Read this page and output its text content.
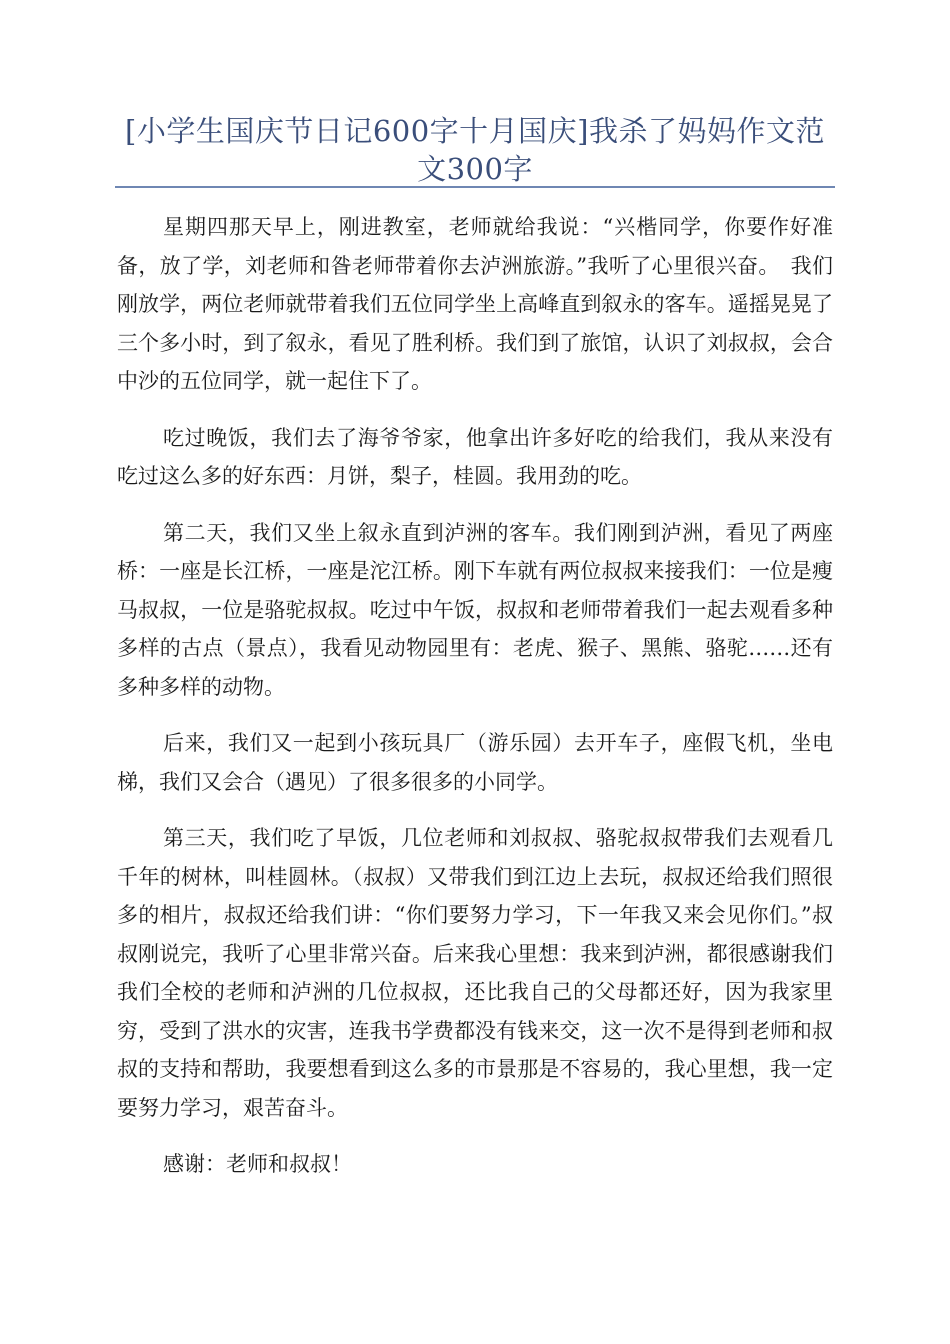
[小学生国庆节日记600字十月国庆]我杀了妈妈作文范文300字

星期四那天早上，刚进教室，老师就给我说：“兴楷同学，你要作好准备，放了学，刘老师和昝老师带着你去泸洲旅游。”我听了心里很兴奋。　我们刚放学，两位老师就带着我们五位同学坐上高峰直到叙永的客车。遥摇晃晃了三个多小时，到了叙永，看见了胜利桥。我们到了旅馆，认识了刘叔叔，会合中沙的五位同学，就一起住下了。

吃过晚饭，我们去了海爷爷家，他拿出许多好吃的给我们，我从来没有吃过这么多的好东西：月饼，梨子，桂圆。我用劲的吃。

第二天，我们又坐上叙永直到泸洲的客车。我们刚到泸洲，看见了两座桥：一座是长江桥，一座是沱江桥。刚下车就有两位叔叔来接我们：一位是瘦马叔叔，一位是骆驼叔叔。吃过中午饭，叔叔和老师带着我们一起去观看多种多样的古点（景点），我看见动物园里有：老虎、猴子、黑熊、骆驼……还有多种多样的动物。

后来，我们又一起到小孩玩具厂（游乐园）去开车子，座假飞机，坐电梯，我们又会合（遇见）了很多很多的小同学。

第三天，我们吃了早饭，几位老师和刘叔叔、骆驼叔叔带我们去观看几千年的树林，叫桂圆林。（叔叔）又带我们到江边上去玩，叔叔还给我们照很多的相片，叔叔还给我们讲：“你们要努力学习，下一年我又来会见你们。”叔叔刚说完，我听了心里非常兴奋。后来我心里想：我来到泸洲，都很感谢我们我们全校的老师和泸洲的几位叔叔，还比我自己的父母都还好，因为我家里穷，受到了洪水的灾害，连我书学费都没有钱来交，这一次不是得到老师和叔叔的支持和帮助，我要想看到这么多的市景那是不容易的，我心里想，我一定要努力学习，艰苦奋斗。

感谢：老师和叔叔！
